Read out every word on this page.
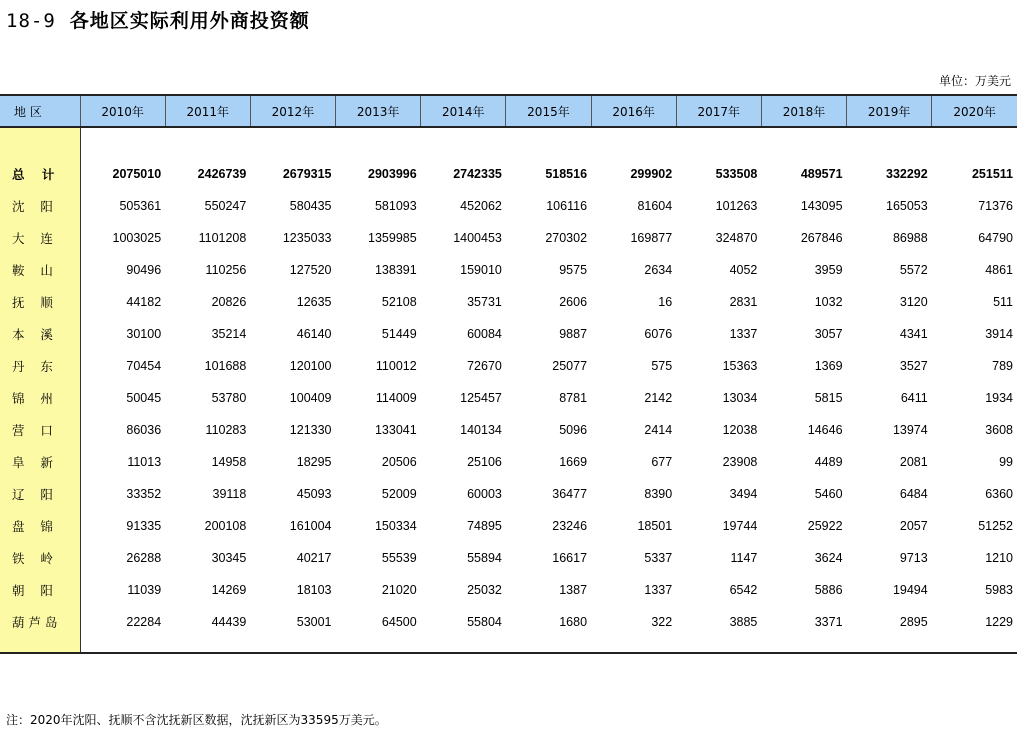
18-9 各地区实际利用外商投资额
单位：万美元
地 区	2010年	2011年	2012年	2013年	2014年	2015年	2016年	2017年	2018年	2019年	2020年

总    计	2075010	2426739	2679315	2903996	2742335	518516	299902	533508	489571	332292	251511
沈    阳	505361	550247	580435	581093	452062	106116	81604	101263	143095	165053	71376
大    连	1003025	1101208	1235033	1359985	1400453	270302	169877	324870	267846	86988	64790
鞍    山	90496	110256	127520	138391	159010	9575	2634	4052	3959	5572	4861
抚    顺	44182	20826	12635	52108	35731	2606	16	2831	1032	3120	511
本    溪	30100	35214	46140	51449	60084	9887	6076	1337	3057	4341	3914
丹    东	70454	101688	120100	110012	72670	25077	575	15363	1369	3527	789
锦    州	50045	53780	100409	114009	125457	8781	2142	13034	5815	6411	1934
营    口	86036	110283	121330	133041	140134	5096	2414	12038	14646	13974	3608
阜    新	11013	14958	18295	20506	25106	1669	677	23908	4489	2081	99
辽    阳	33352	39118	45093	52009	60003	36477	8390	3494	5460	6484	6360
盘    锦	91335	200108	161004	150334	74895	23246	18501	19744	25922	2057	51252
铁    岭	26288	30345	40217	55539	55894	16617	5337	1147	3624	9713	1210
朝    阳	11039	14269	18103	21020	25032	1387	1337	6542	5886	19494	5983
葫 芦 岛	22284	44439	53001	64500	55804	1680	322	3885	3371	2895	1229

注：2020年沈阳、抚顺不含沈抚新区数据，沈抚新区为33595万美元。
